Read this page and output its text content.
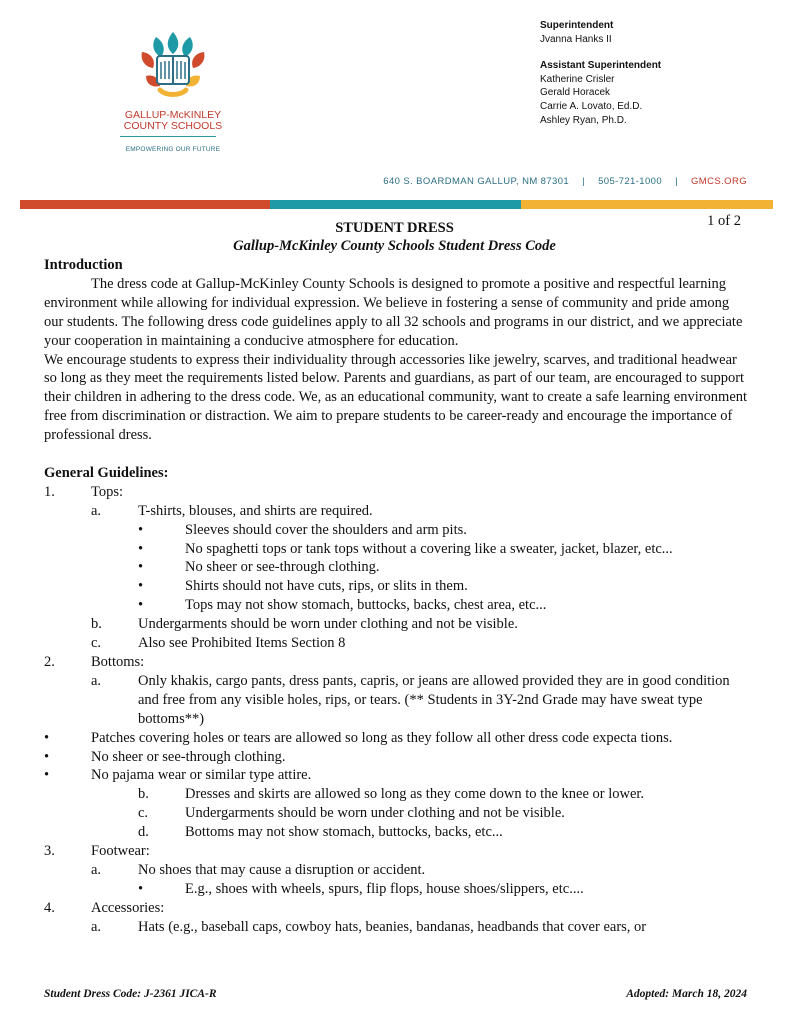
GALLUP-McKINLEY
COUNTY SCHOOLS
EMPOWERING OUR FUTURE
Superintendent
Jvanna Hanks II
Assistant Superintendent
Katherine Crisler
Gerald Horacek
Carrie A. Lovato, Ed.D.
Ashley Ryan, Ph.D.
640 S. BOARDMAN GALLUP, NM 87301 | 505-721-1000 | GMCS.ORG
STUDENT DRESS
Gallup-McKinley County Schools Student Dress Code
1 of 2

Introduction

The dress code at Gallup-McKinley County Schools is designed to promote a positive and respectful learning environment while allowing for individual expression. We believe in fostering a sense of community and pride among our students. The following dress code guidelines apply to all 32 schools and programs in our district, and we appreciate your cooperation in maintaining a conducive atmosphere for education.

We encourage students to express their individuality through accessories like jewelry, scarves, and traditional headwear so long as they meet the requirements listed below. Parents and guardians, as part of our team, are encouraged to support their children in adhering to the dress code. We, as an educational community, want to create a safe learning environment free from discrimination or distraction. We aim to prepare students to be career-ready and encourage the importance of professional dress.

General Guidelines:

1. Tops:
a.	T-shirts, blouses, and shirts are required.
•	Sleeves should cover the shoulders and arm pits.
•	No spaghetti tops or tank tops without a covering like a sweater, jacket, blazer, etc...
•	No sheer or see-through clothing.
•	Shirts should not have cuts, rips, or slits in them.
•	Tops may not show stomach, buttocks, backs, chest area, etc...
b. Undergarments should be worn under clothing and not be visible.
c.	Also see Prohibited Items Section 8
2. Bottoms:
a.	Only khakis, cargo pants, dress pants, capris, or jeans are allowed provided they are in good condition and free from any visible holes, rips, or tears. (** Students in 3Y-2nd Grade may have sweat type bottoms**)
•	Patches covering holes or tears are allowed so long as they follow all other dress code expecta tions.
•	No sheer or see-through clothing.
•	No pajama wear or similar type attire.
b. Dresses and skirts are allowed so long as they come down to the knee or lower.
c.	Undergarments should be worn under clothing and not be visible.
d. Bottoms may not show stomach, buttocks, backs, etc...
3. Footwear:
a.	No shoes that may cause a disruption or accident.
•	E.g., shoes with wheels, spurs, flip flops, house shoes/slippers, etc....
4. Accessories:
a.	Hats (e.g., baseball caps, cowboy hats, beanies, bandanas, headbands that cover ears, or
Student Dress Code: J-2361 JICA-R	Adopted: March 18, 2024
